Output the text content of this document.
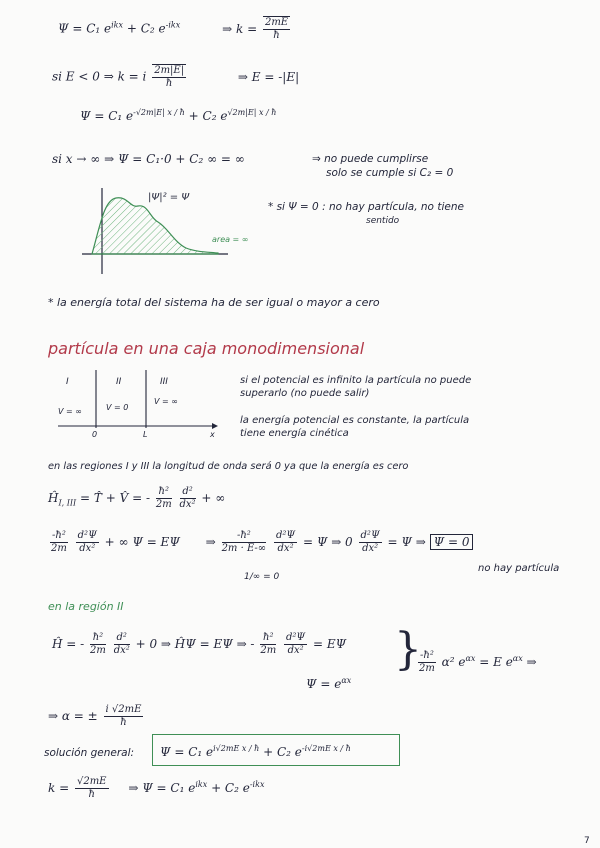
Ψ = C₁ $e^{ikx} + C_2$ $e^{-ikx}$	⇒ $k = \frac{2mE}{ħ}$
si E < 0 ⇒ k = i $\frac{2m|E|}{ħ}$	⇒ E = -|E|
Ψ = C₁ $e^{-√2m|E| x / ħ} + C_2$ $e^{√2m|E| x / ħ}$
si x → ∞ ⇒ Ψ = C₁·0 + C₂ ∞ = ∞	⇒ no puede cumplirse
solo se cumple si C₂ = 0
|Ψ|² = Ψ
area = ∞
* si Ψ = 0 : no hay partícula, no tiene
sentido
* la energía total del sistema ha de ser igual o mayor a cero
partícula en una caja monodimensional
I	II	III
V = ∞	V = 0
V = ∞
0	L	x
si el potencial es infinito la partícula no puede
superarlo (no puede salir)
la energía potencial es constante, la partícula
tiene energía cinética
en las regiones I y III la longitud de onda será 0 ya que la energía es cero
$Ĥ_{I, III}$ = T̂ + V̂ = - $\frac{\text{ħ²}}{2m}$
$\frac{\text{d²}}{\text{dx²}}$ + ∞
$\frac{\text{-ħ²}}{2m}$
$\frac{\text{d²Ψ}}{\text{dx²}}$ + ∞ Ψ = EΨ ⇒ $\frac{\text{-ħ²}}{2m \cdot E-\infty}$
$\frac{\text{d²Ψ}}{\text{dx²}} = \Psi$ ⇒ $0 \frac{\text{d²Ψ}}{\text{dx²}} = \Psi$ ⇒ Ψ = 0
1/∞ = 0
no hay partícula
en la región II
Ĥ = - $\frac{\text{ħ²}}{2m}$
$\frac{\text{d²}}{\text{dx²}} + 0$ ⇒ ĤΨ = EΨ ⇒ - $\frac{\text{ħ²}}{2m}$
$\frac{\text{d²Ψ}}{\text{dx²}} = E\Psi$
$\Psi = e^{\alpha x}$
}
$\frac{\text{-ħ²}}{2m} \alpha^2$ $e^{\alpha x} = E$ $e^{\alpha x}$ ⇒
⇒ α = ± $\frac{i √2mE}{ħ}$
solución general: Ψ = C₁ $e^{i√2mE x / ħ} + C_2$ $e^{-i√2mE x / ħ}$
$k = \frac{√2mE}{ħ}$ ⇒ Ψ = C₁ $e^{ikx} + C_2$ $e^{-ikx}$
7
